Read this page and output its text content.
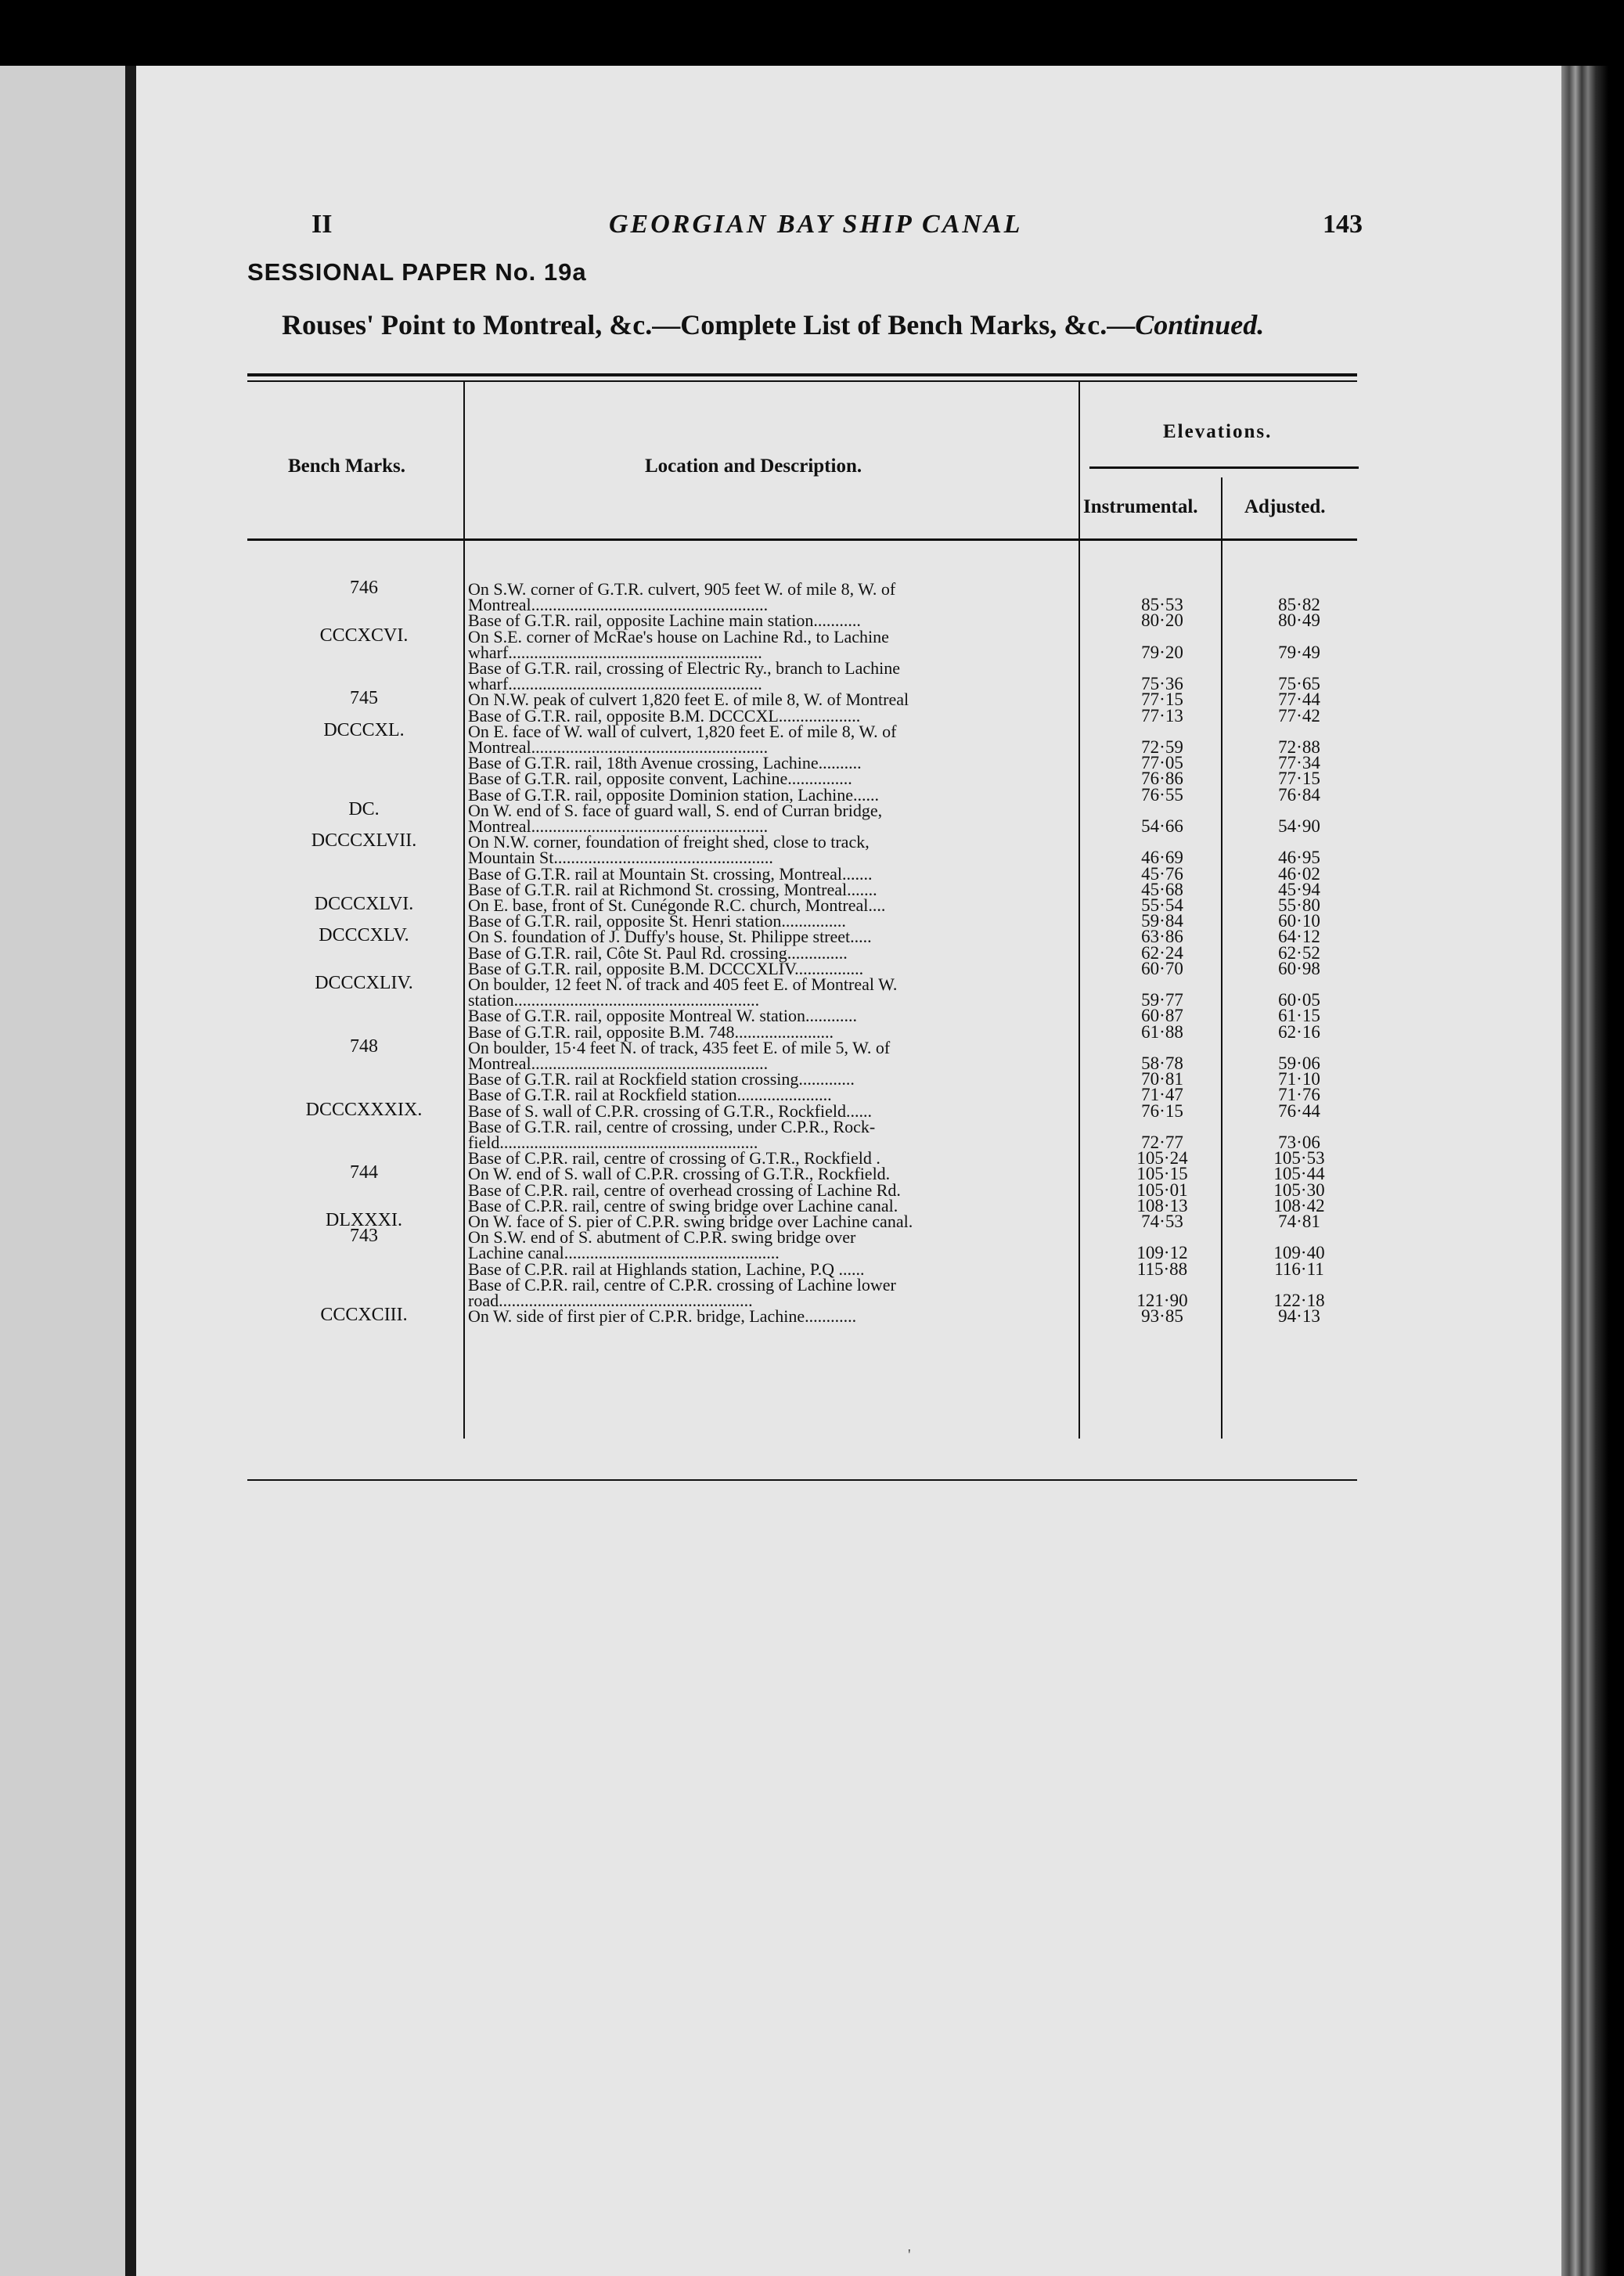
II	GEORGIAN BAY SHIP CANAL	143
SESSIONAL PAPER No. 19a
Rouses' Point to Montreal, &c.—Complete List of Bench Marks, &c.—Continued.
Bench Marks.	Location and Description.
Elevations.
Instrumental. Adjusted.
746	On S.W. corner of G.T.R. culvert, 905 feet W. of mile 8, W. of
Montreal.......................................................	85·53	85·82
Base of G.T.R. rail, opposite Lachine main station...........	80·20	80·49
CCCXCVI.	On S.E. corner of McRae's house on Lachine Rd., to Lachine
wharf...........................................................	79·20	79·49
Base of G.T.R. rail, crossing of Electric Ry., branch to Lachine
wharf...........................................................	75·36	75·65
745	On N.W. peak of culvert 1,820 feet E. of mile 8, W. of Montreal	77·15	77·44
Base of G.T.R. rail, opposite B.M. DCCCXL...................	77·13	77·42
DCCCXL.	On E. face of W. wall of culvert, 1,820 feet E. of mile 8, W. of
Montreal.......................................................	72·59	72·88
Base of G.T.R. rail, 18th Avenue crossing, Lachine..........	77·05	77·34
Base of G.T.R. rail, opposite convent, Lachine...............	76·86	77·15
Base of G.T.R. rail, opposite Dominion station, Lachine......	76·55	76·84
DC.	On W. end of S. face of guard wall, S. end of Curran bridge,
Montreal.......................................................	54·66	54·90
DCCCXLVII.	On N.W. corner, foundation of freight shed, close to track,
Mountain St...................................................	46·69	46·95
Base of G.T.R. rail at Mountain St. crossing, Montreal.......	45·76	46·02
Base of G.T.R. rail at Richmond St. crossing, Montreal.......	45·68	45·94
DCCCXLVI.	On E. base, front of St. Cunégonde R.C. church, Montreal....	55·54	55·80
Base of G.T.R. rail, opposite St. Henri station...............	59·84	60·10
DCCCXLV.	On S. foundation of J. Duffy's house, St. Philippe street.....	63·86	64·12
Base of G.T.R. rail, Côte St. Paul Rd. crossing..............	62·24	62·52
Base of G.T.R. rail, opposite B.M. DCCCXLIV................	60·70	60·98
DCCCXLIV.	On boulder, 12 feet N. of track and 405 feet E. of Montreal W.
station.........................................................	59·77	60·05
Base of G.T.R. rail, opposite Montreal W. station............	60·87	61·15
Base of G.T.R. rail, opposite B.M. 748.......................	61·88	62·16
748	On boulder, 15·4 feet N. of track, 435 feet E. of mile 5, W. of
Montreal.......................................................	58·78	59·06
Base of G.T.R. rail at Rockfield station crossing.............	70·81	71·10
Base of G.T.R. rail at Rockfield station......................	71·47	71·76
DCCCXXXIX.	Base of S. wall of C.P.R. crossing of G.T.R., Rockfield......	76·15	76·44
Base of G.T.R. rail, centre of crossing, under C.P.R., Rock-
field............................................................	72·77	73·06
Base of C.P.R. rail, centre of crossing of G.T.R., Rockfield .	105·24	105·53
744	On W. end of S. wall of C.P.R. crossing of G.T.R., Rockfield.	105·15	105·44
Base of C.P.R. rail, centre of overhead crossing of Lachine Rd.	105·01	105·30
Base of C.P.R. rail, centre of swing bridge over Lachine canal.	108·13	108·42
DLXXXI.	On W. face of S. pier of C.P.R. swing bridge over Lachine canal.	74·53	74·81
743	On S.W. end of S. abutment of C.P.R. swing bridge over
Lachine canal..................................................	109·12	109·40
Base of C.P.R. rail at Highlands station, Lachine, P.Q ......	115·88	116·11
Base of C.P.R. rail, centre of C.P.R. crossing of Lachine lower
road...........................................................	121·90	122·18
CCCXCIII.	On W. side of first pier of C.P.R. bridge, Lachine............	93·85	94·13
'
